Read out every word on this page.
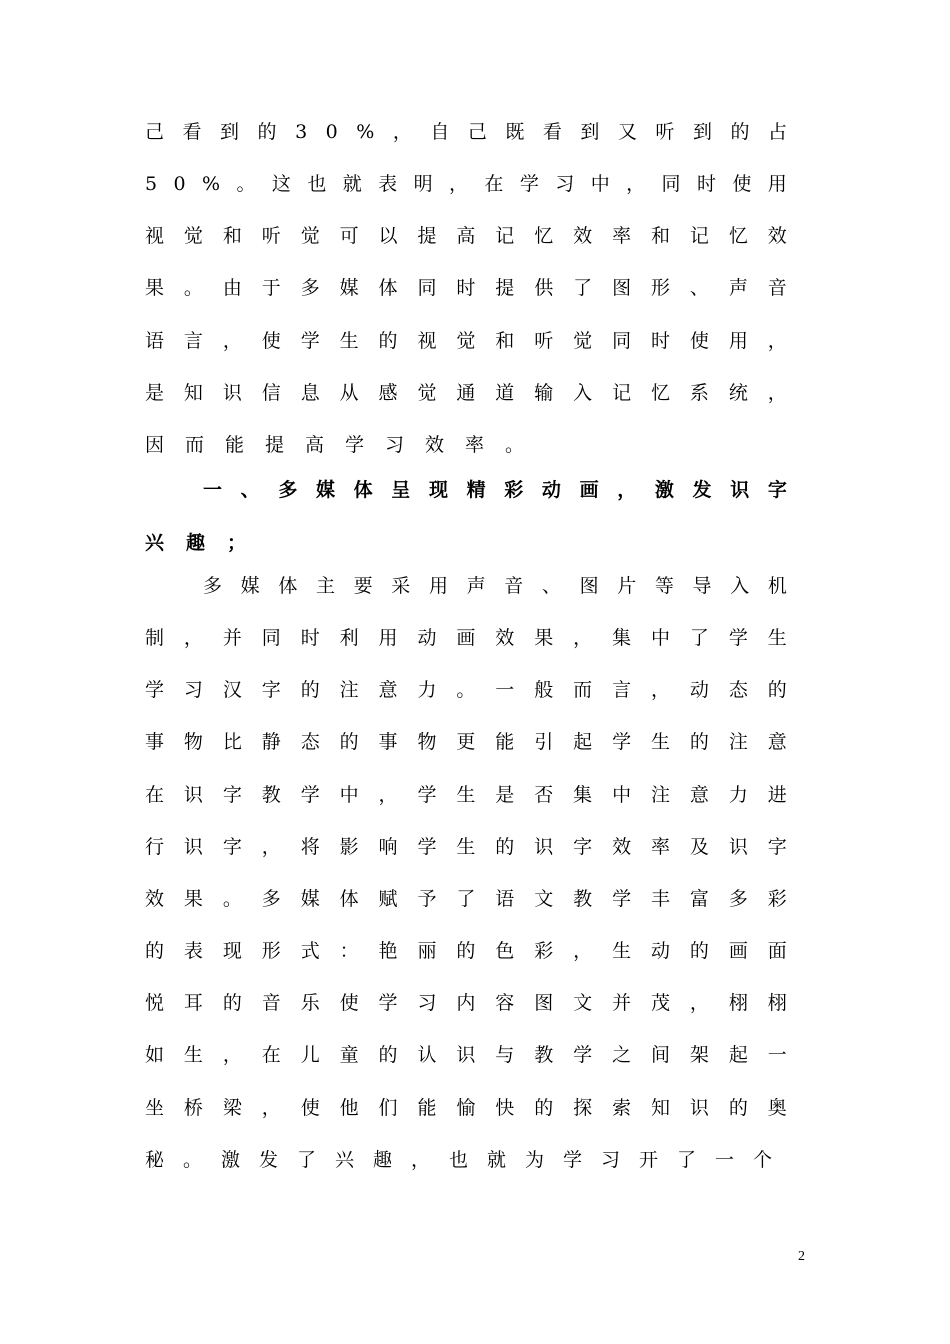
己 看 到 的 3 0 % ， 自 己 既 看 到 又 听 到 的 占
5 0 % 。 这 也 就 表 明 ， 在 学 习 中 ， 同 时 使 用
视 觉 和 听 觉 可 以 提 高 记 忆 效 率 和 记 忆 效
果 。 由 于 多 媒 体 同 时 提 供 了 图 形 、 声 音
语 言 ， 使 学 生 的 视 觉 和 听 觉 同 时 使 用 ，
是 知 识 信 息 从 感 觉 通 道 输 入 记 忆 系 统 ，
因而能提高学习效率。
一 、 多 媒 体 呈 现 精 彩 动 画 ， 激 发 识 字
兴趣；
多 媒 体 主 要 采 用 声 音 、 图 片 等 导 入 机
制 ， 并 同 时 利 用 动 画 效 果 ， 集 中 了 学 生
学 习 汉 字 的 注 意 力 。 一 般 而 言 ， 动 态 的
事 物 比 静 态 的 事 物 更 能 引 起 学 生 的 注 意
在 识 字 教 学 中 ， 学 生 是 否 集 中 注 意 力 进
行 识 字 ， 将 影 响 学 生 的 识 字 效 率 及 识 字
效 果 。 多 媒 体 赋 予 了 语 文 教 学 丰 富 多 彩
的 表 现 形 式 ： 艳 丽 的 色 彩 ， 生 动 的 画 面
悦 耳 的 音 乐 使 学 习 内 容 图 文 并 茂 ， 栩 栩
如 生 ， 在 儿 童 的 认 识 与 教 学 之 间 架 起 一
坐 桥 梁 ， 使 他 们 能 愉 快 的 探 索 知 识 的 奥
秘。激发了兴趣，也就为学习开了一个
2
